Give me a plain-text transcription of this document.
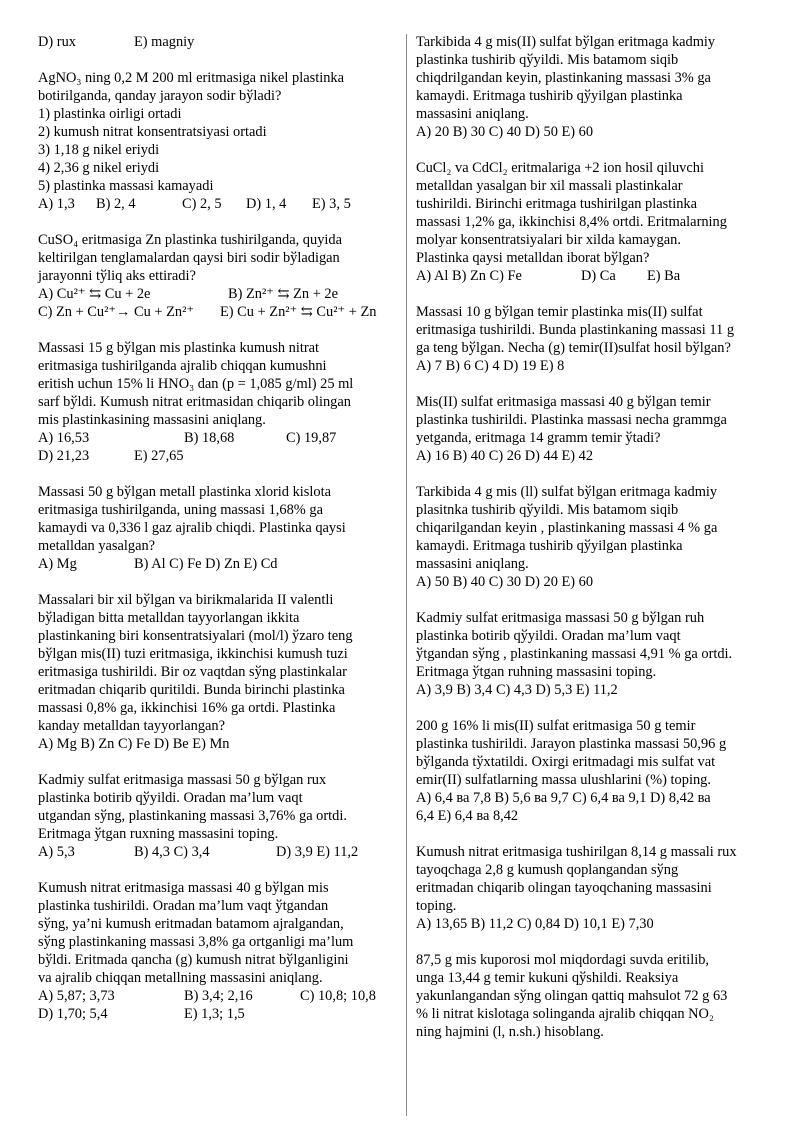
D) rux	E) magniy
AgNO₃ ning 0,2 M 200 ml eritmasiga nikel plastinka
botirilganda, qanday jarayon sodir bўladi?
1) plastinka oirligi ortadi
2) kumush nitrat konsentratsiyasi ortadi
3) 1,18 g nikel eriydi
4) 2,36 g nikel eriydi
5) plastinka massasi kamayadi
A) 1,3 B) 2, 4	C) 2, 5 D) 1, 4 E) 3, 5
CuSO₄ eritmasiga Zn plastinka tushirilganda, quyida
keltirilgan tenglamalardan qaysi biri sodir bўladigan
jarayonni tўliq aks ettiradi?
A) Cu²⁺ ⇆ Cu + 2e	B) Zn²⁺ ⇆ Zn + 2e
C) Zn + Cu²⁺→ Cu + Zn²⁺ E) Cu + Zn²⁺ ⇆ Cu²⁺ + Zn
Massasi 15 g bўlgan mis plastinka kumush nitrat
eritmasiga tushirilganda ajralib chiqqan kumushni
eritish uchun 15% li HNO₃ dan (p = 1,085 g/ml) 25 ml
sarf bўldi. Kumush nitrat eritmasidan chiqarib olingan
mis plastinkasining massasini aniqlang.
A) 16,53	B) 18,68	C) 19,87
D) 21,23	E) 27,65
Massasi 50 g bўlgan metall plastinka xlorid kislota
eritmasiga tushirilganda, uning massasi 1,68% ga
kamaydi va 0,336 l gaz ajralib chiqdi. Plastinka qaysi
metalldan yasalgan?
A) Mg	B) Al C) Fe D) Zn E) Cd
Massalari bir xil bўlgan va birikmalarida II valentli
bўladigan bitta metalldan tayyorlangan ikkita
plastinkaning biri konsentratsiyalari (mol/l) ўzaro teng
bўlgan mis(II) tuzi eritmasiga, ikkinchisi kumush tuzi
eritmasiga tushirildi. Bir oz vaqtdan sўng plastinkalar
eritmadan chiqarib quritildi. Bunda birinchi plastinka
massasi 0,8% ga, ikkinchisi 16% ga ortdi. Plastinka
kanday metalldan tayyorlangan?
A) Mg B) Zn C) Fe D) Be E) Mn
Kadmiy sulfat eritmasiga massasi 50 g bўlgan rux
plastinka botirib qўyildi. Oradan ma’lum vaqt
utgandan sўng, plastinkaning massasi 3,76% ga ortdi.
Eritmaga ўtgan ruxning massasini toping.
A) 5,3	B) 4,3 C) 3,4	D) 3,9 E) 11,2
Kumush nitrat eritmasiga massasi 40 g bўlgan mis
plastinka tushirildi. Oradan ma’lum vaqt ўtgandan
sўng, ya’ni kumush eritmadan batamom ajralgandan,
sўng plastinkaning massasi 3,8% ga ortganligi ma’lum
bўldi. Eritmada qancha (g) kumush nitrat bўlganligini
va ajralib chiqqan metallning massasini aniqlang.
A) 5,87; 3,73	B) 3,4; 2,16	C) 10,8; 10,8
D) 1,70; 5,4	E) 1,3; 1,5
Tarkibida 4 g mis(II) sulfat bўlgan eritmaga kadmiy
plastinka tushirib qўyildi. Mis batamom siqib
chiqdrilgandan keyin, plastinkaning massasi 3% ga
kamaydi. Eritmaga tushirib qўyilgan plastinka
massasini aniqlang.
A) 20 B) 30 C) 40 D) 50 E) 60
CuCl₂ va CdCl₂ eritmalariga +2 ion hosil qiluvchi
metalldan yasalgan bir xil massali plastinkalar
tushirildi. Birinchi eritmaga tushirilgan plastinka
massasi 1,2% ga, ikkinchisi 8,4% ortdi. Eritmalarning
molyar konsentratsiyalari bir xilda kamaygan.
Plastinka qaysi metalldan iborat bўlgan?
A) Al B) Zn C) Fe	D) Ca E) Ba
Massasi 10 g bўlgan temir plastinka mis(II) sulfat
eritmasiga tushirildi. Bunda plastinkaning massasi 11 g
ga teng bўlgan. Necha (g) temir(II)sulfat hosil bўlgan?
A) 7 B) 6 C) 4 D) 19 E) 8
Mis(II) sulfat eritmasiga massasi 40 g bўlgan temir
plastinka tushirildi. Plastinka massasi necha grammga
yetganda, eritmaga 14 gramm temir ўtadi?
A) 16 B) 40 C) 26 D) 44 E) 42
Tarkibida 4 g mis (ll) sulfat bўlgan eritmaga kadmiy
plasitnka tushirib qўyildi. Mis batamom siqib
chiqarilgandan keyin , plastinkaning massasi 4 % ga
kamaydi. Eritmaga tushirib qўyilgan plastinka
massasini aniqlang.
A) 50 B) 40 C) 30 D) 20 E) 60
Kadmiy sulfat eritmasiga massasi 50 g bўlgan ruh
plastinka botirib qўyildi. Oradan ma’lum vaqt
ўtgandan sўng , plastinkaning massasi 4,91 % ga ortdi.
Eritmaga ўtgan ruhning massasini toping.
A) 3,9 B) 3,4 C) 4,3 D) 5,3 E) 11,2
200 g 16% li mis(II) sulfat eritmasiga 50 g temir
plastinka tushirildi. Jarayon plastinka massasi 50,96 g
bўlganda tўxtatildi. Oxirgi eritmadagi mis sulfat vat
emir(II) sulfatlarning massa ulushlarini (%) toping.
A) 6,4 ва 7,8 B) 5,6 ва 9,7 C) 6,4 ва 9,1 D) 8,42 ва
6,4 E) 6,4 ва 8,42
Kumush nitrat eritmasiga tushirilgan 8,14 g massali rux
tayoqchaga 2,8 g kumush qoplangandan sўng
eritmadan chiqarib olingan tayoqchaning massasini
toping.
A) 13,65 B) 11,2 C) 0,84 D) 10,1 E) 7,30
87,5 g mis kuporosi mol miqdordagi suvda eritilib,
unga 13,44 g temir kukuni qўshildi. Reaksiya
yakunlangandan sўng olingan qattiq mahsulot 72 g 63
% li nitrat kislotaga solinganda ajralib chiqqan NO₂
ning hajmini (l, n.sh.) hisoblang.
